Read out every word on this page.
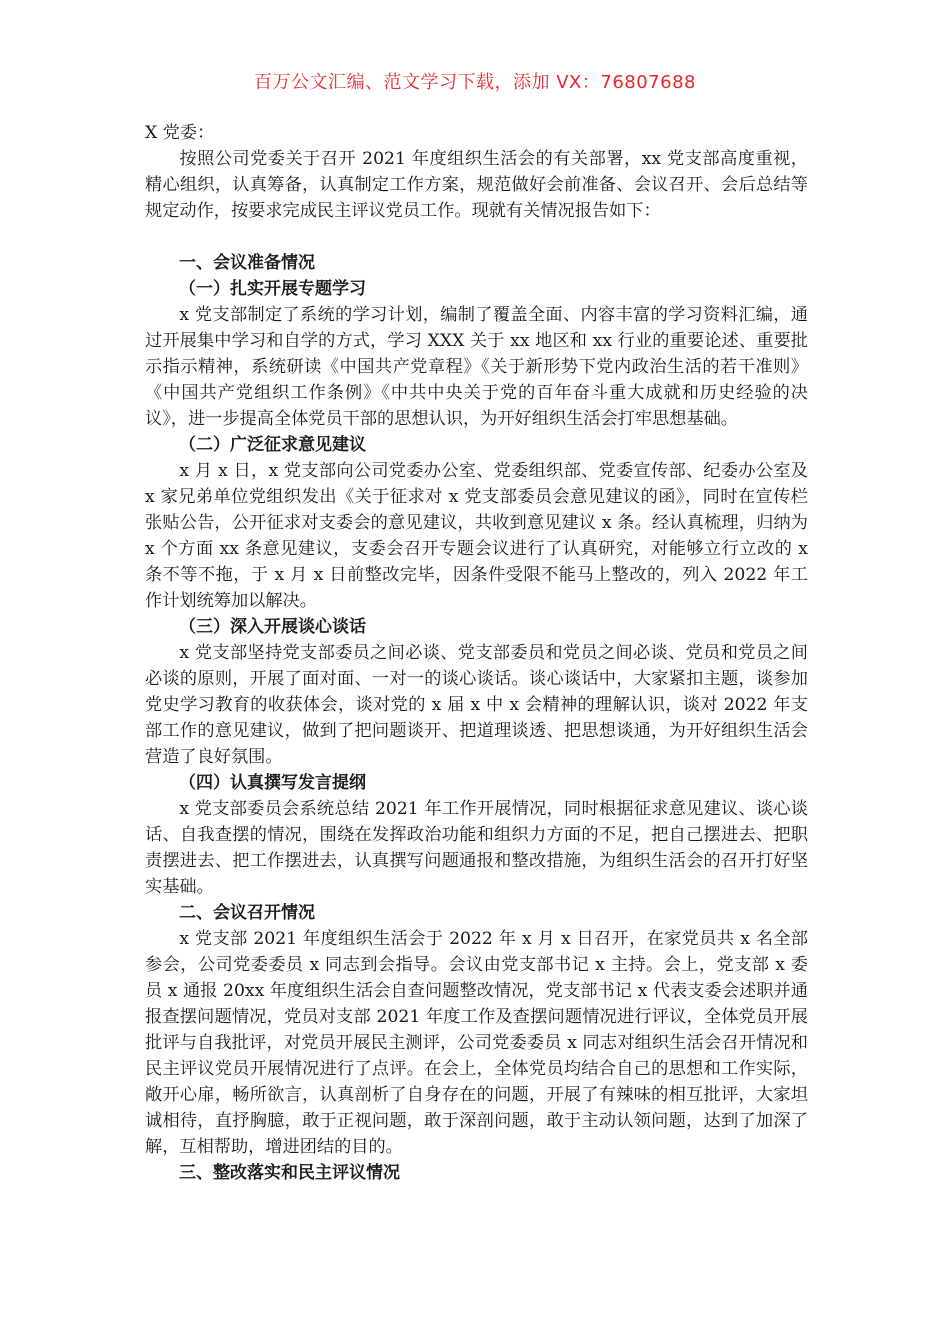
百万公文汇编、范文学习下载，添加 VX：76807688

X 党委：

按照公司党委关于召开 2021 年度组织生活会的有关部署，xx 党支部高度重视，精心组织，认真筹备，认真制定工作方案，规范做好会前准备、会议召开、会后总结等规定动作，按要求完成民主评议党员工作。现就有关情况报告如下：

一、会议准备情况

（一）扎实开展专题学习

x 党支部制定了系统的学习计划，编制了覆盖全面、内容丰富的学习资料汇编，通过开展集中学习和自学的方式，学习 XXX 关于 xx 地区和 xx 行业的重要论述、重要批示指示精神，系统研读《中国共产党章程》《关于新形势下党内政治生活的若干准则》《中国共产党组织工作条例》《中共中央关于党的百年奋斗重大成就和历史经验的决议》，进一步提高全体党员干部的思想认识，为开好组织生活会打牢思想基础。

（二）广泛征求意见建议

x 月 x 日，x 党支部向公司党委办公室、党委组织部、党委宣传部、纪委办公室及 x 家兄弟单位党组织发出《关于征求对 x 党支部委员会意见建议的函》，同时在宣传栏张贴公告，公开征求对支委会的意见建议，共收到意见建议 x 条。经认真梳理，归纳为 x 个方面 xx 条意见建议，支委会召开专题会议进行了认真研究，对能够立行立改的 x 条不等不拖，于 x 月 x 日前整改完毕，因条件受限不能马上整改的，列入 2022 年工作计划统筹加以解决。

（三）深入开展谈心谈话

x 党支部坚持党支部委员之间必谈、党支部委员和党员之间必谈、党员和党员之间必谈的原则，开展了面对面、一对一的谈心谈话。谈心谈话中，大家紧扣主题，谈参加党史学习教育的收获体会，谈对党的 x 届 x 中 x 会精神的理解认识，谈对 2022 年支部工作的意见建议，做到了把问题谈开、把道理谈透、把思想谈通，为开好组织生活会营造了良好氛围。

（四）认真撰写发言提纲

x 党支部委员会系统总结 2021 年工作开展情况，同时根据征求意见建议、谈心谈话、自我查摆的情况，围绕在发挥政治功能和组织力方面的不足，把自己摆进去、把职责摆进去、把工作摆进去，认真撰写问题通报和整改措施，为组织生活会的召开打好坚实基础。

二、会议召开情况

x 党支部 2021 年度组织生活会于 2022 年 x 月 x 日召开，在家党员共 x 名全部参会，公司党委委员 x 同志到会指导。会议由党支部书记 x 主持。会上，党支部 x 委员 x 通报 20xx 年度组织生活会自查问题整改情况，党支部书记 x 代表支委会述职并通报查摆问题情况，党员对支部 2021 年度工作及查摆问题情况进行评议，全体党员开展批评与自我批评，对党员开展民主测评，公司党委委员 x 同志对组织生活会召开情况和民主评议党员开展情况进行了点评。在会上，全体党员均结合自己的思想和工作实际，敞开心扉，畅所欲言，认真剖析了自身存在的问题，开展了有辣味的相互批评，大家坦诚相待，直抒胸臆，敢于正视问题，敢于深剖问题，敢于主动认领问题，达到了加深了解，互相帮助，增进团结的目的。

三、整改落实和民主评议情况
